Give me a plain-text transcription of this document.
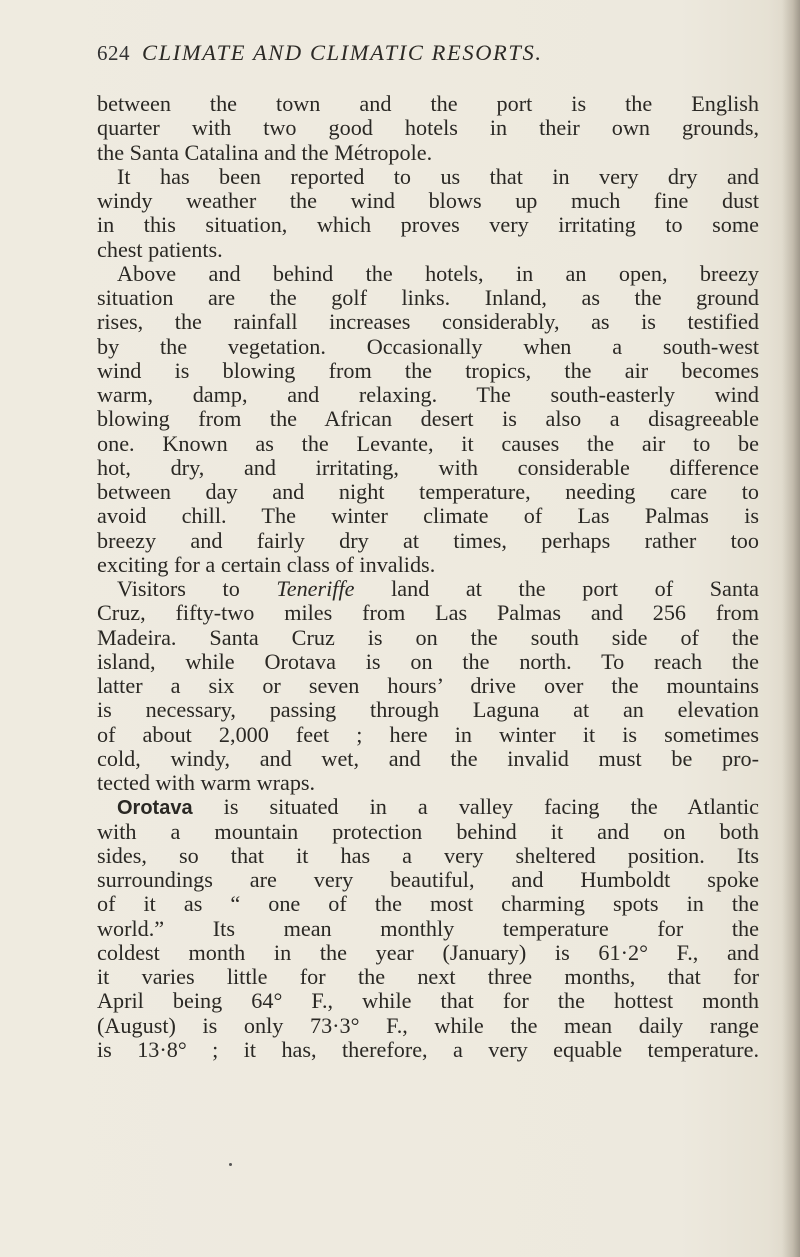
624 CLIMATE AND CLIMATIC RESORTS.
between the town and the port is the English
quarter with two good hotels in their own grounds,
the Santa Catalina and the Métropole.
It has been reported to us that in very dry and
windy weather the wind blows up much fine dust
in this situation, which proves very irritating to some
chest patients.
Above and behind the hotels, in an open, breezy
situation are the golf links. Inland, as the ground
rises, the rainfall increases considerably, as is testified
by the vegetation. Occasionally when a south-west
wind is blowing from the tropics, the air becomes
warm, damp, and relaxing. The south-easterly wind
blowing from the African desert is also a disagreeable
one. Known as the Levante, it causes the air to be
hot, dry, and irritating, with considerable difference
between day and night temperature, needing care to
avoid chill. The winter climate of Las Palmas is
breezy and fairly dry at times, perhaps rather too
exciting for a certain class of invalids.
Visitors to Teneriffe land at the port of Santa
Cruz, fifty-two miles from Las Palmas and 256 from
Madeira. Santa Cruz is on the south side of the
island, while Orotava is on the north. To reach the
latter a six or seven hours’ drive over the mountains
is necessary, passing through Laguna at an elevation
of about 2,000 feet ; here in winter it is sometimes
cold, windy, and wet, and the invalid must be pro-
tected with warm wraps.
Orotava is situated in a valley facing the Atlantic
with a mountain protection behind it and on both
sides, so that it has a very sheltered position. Its
surroundings are very beautiful, and Humboldt spoke
of it as “ one of the most charming spots in the
world.” Its mean monthly temperature for the
coldest month in the year (January) is 61·2° F., and
it varies little for the next three months, that for
April being 64° F., while that for the hottest month
(August) is only 73·3° F., while the mean daily range
is 13·8° ; it has, therefore, a very equable temperature.
